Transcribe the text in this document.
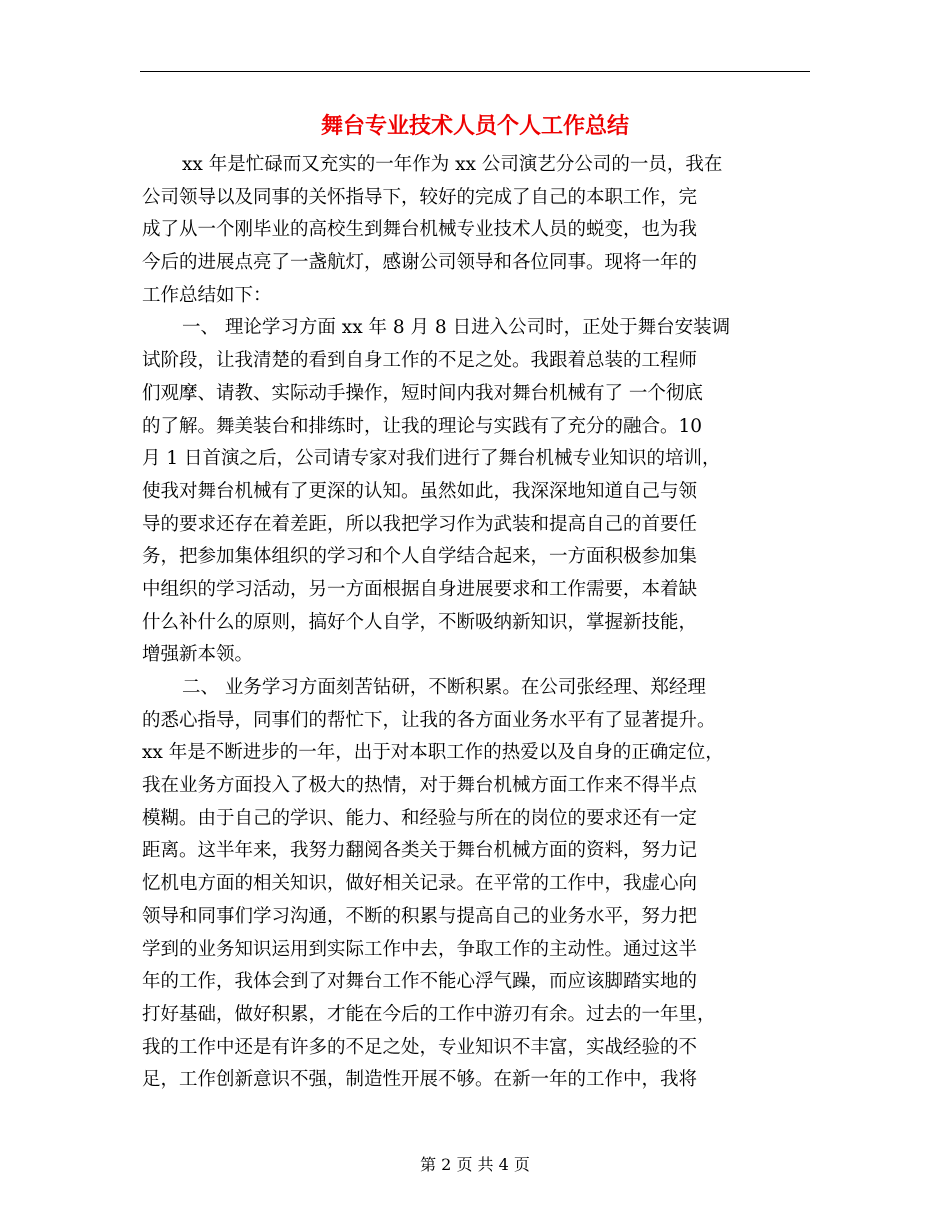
舞台专业技术人员个人工作总结
xx 年是忙碌而又充实的一年作为 xx 公司演艺分公司的一员，我在
公司领导以及同事的关怀指导下，较好的完成了自己的本职工作，完
成了从一个刚毕业的高校生到舞台机械专业技术人员的蜕变，也为我
今后的进展点亮了一盏航灯，感谢公司领导和各位同事。现将一年的
工作总结如下：
一、 理论学习方面 xx 年 8 月 8 日进入公司时，正处于舞台安装调
试阶段，让我清楚的看到自身工作的不足之处。我跟着总装的工程师
们观摩、请教、实际动手操作，短时间内我对舞台机械有了 一个彻底
的了解。舞美装台和排练时，让我的理论与实践有了充分的融合。10
月 1 日首演之后，公司请专家对我们进行了舞台机械专业知识的培训，
使我对舞台机械有了更深的认知。虽然如此，我深深地知道自己与领
导的要求还存在着差距，所以我把学习作为武装和提高自己的首要任
务，把参加集体组织的学习和个人自学结合起来，一方面积极参加集
中组织的学习活动，另一方面根据自身进展要求和工作需要，本着缺
什么补什么的原则，搞好个人自学，不断吸纳新知识，掌握新技能，
增强新本领。
二、 业务学习方面刻苦钻研，不断积累。在公司张经理、郑经理
的悉心指导，同事们的帮忙下，让我的各方面业务水平有了显著提升。
xx 年是不断进步的一年，出于对本职工作的热爱以及自身的正确定位，
我在业务方面投入了极大的热情，对于舞台机械方面工作来不得半点
模糊。由于自己的学识、能力、和经验与所在的岗位的要求还有一定
距离。这半年来，我努力翻阅各类关于舞台机械方面的资料，努力记
忆机电方面的相关知识，做好相关记录。在平常的工作中，我虚心向
领导和同事们学习沟通，不断的积累与提高自己的业务水平，努力把
学到的业务知识运用到实际工作中去，争取工作的主动性。通过这半
年的工作，我体会到了对舞台工作不能心浮气躁，而应该脚踏实地的
打好基础，做好积累，才能在今后的工作中游刃有余。过去的一年里，
我的工作中还是有许多的不足之处，专业知识不丰富，实战经验的不
足，工作创新意识不强，制造性开展不够。在新一年的工作中，我将
第 2 页 共 4 页
